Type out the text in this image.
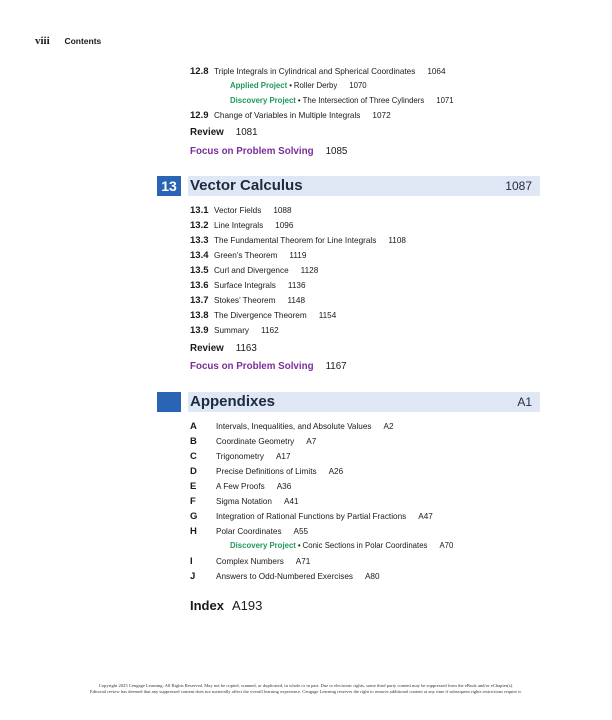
viii Contents
12.8 Triple Integrals in Cylindrical and Spherical Coordinates 1064
Applied Project • Roller Derby 1070
Discovery Project • The Intersection of Three Cylinders 1071
12.9 Change of Variables in Multiple Integrals 1072
Review 1081
Focus on Problem Solving 1085
13 Vector Calculus	1087
13.1 Vector Fields 1088
13.2 Line Integrals 1096
13.3 The Fundamental Theorem for Line Integrals 1108
13.4 Green’s Theorem 1119
13.5 Curl and Divergence 1128
13.6 Surface Integrals 1136
13.7 Stokes’ Theorem 1148
13.8 The Divergence Theorem 1154
13.9 Summary 1162
Review 1163
Focus on Problem Solving 1167
Appendixes	A1
A Intervals, Inequalities, and Absolute Values A2
B Coordinate Geometry A7
C Trigonometry A17
D Precise Definitions of Limits A26
E A Few Proofs A36
F Sigma Notation A41
G Integration of Rational Functions by Partial Fractions A47
H Polar Coordinates A55
Discovery Project • Conic Sections in Polar Coordinates A70
I	Complex Numbers A71
J	Answers to Odd-Numbered Exercises A80
Index A193
Copyright 2025 Cengage Learning. All Rights Reserved. May not be copied, scanned, or duplicated, in whole or in part. Due to electronic rights, some third party content may be suppressed from the eBook and/or eChapter(s).
Editorial review has deemed that any suppressed content does not materially affect the overall learning experience. Cengage Learning reserves the right to remove additional content at any time if subsequent rights restrictions require it.
